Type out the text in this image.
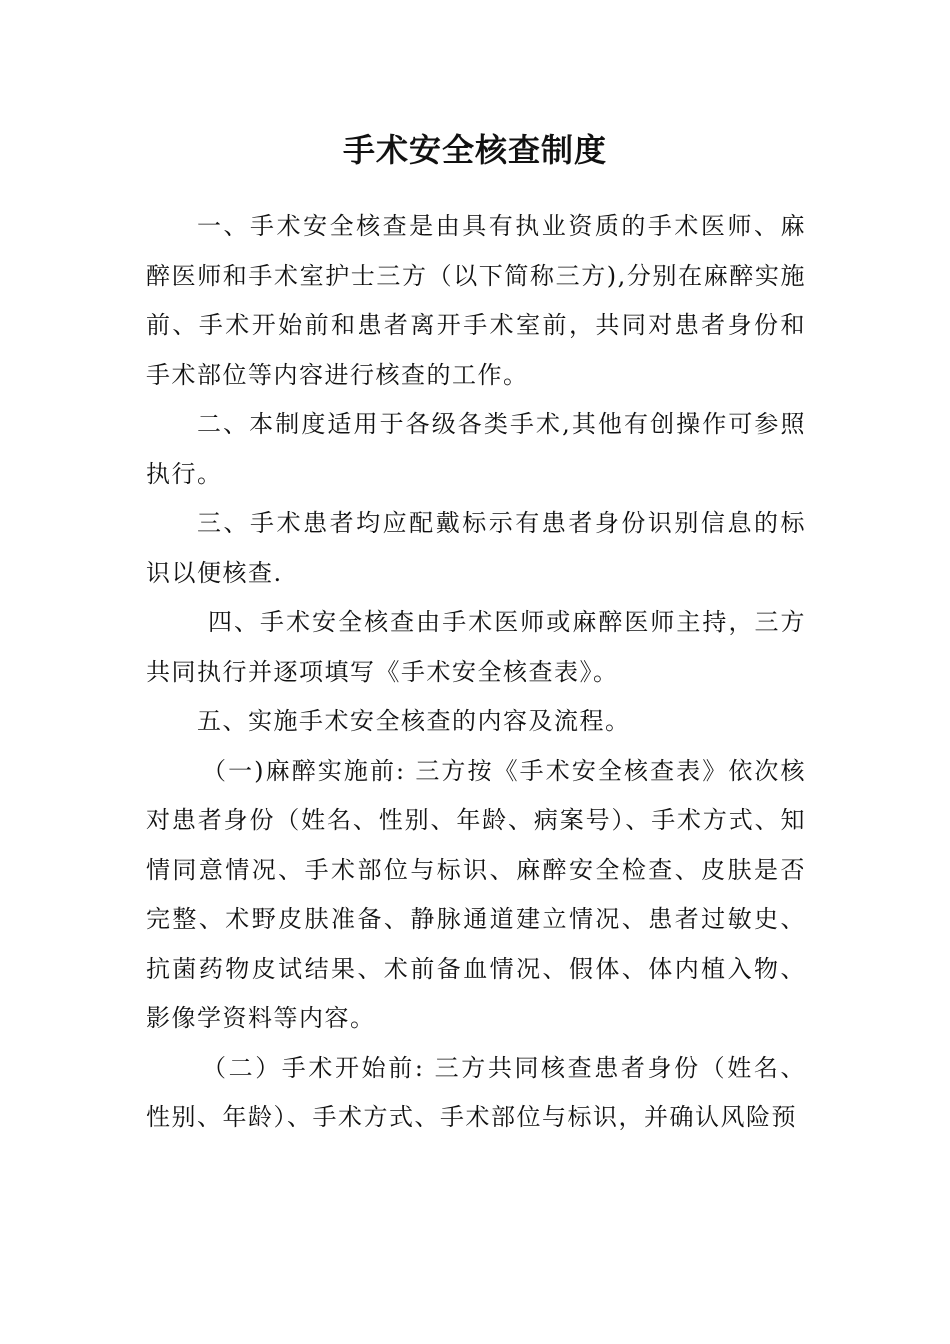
手术安全核查制度

一、手术安全核查是由具有执业资质的手术医师、麻醉医师和手术室护士三方（以下简称三方),分别在麻醉实施前、手术开始前和患者离开手术室前，共同对患者身份和手术部位等内容进行核查的工作。

二、本制度适用于各级各类手术,其他有创操作可参照执行。

三、手术患者均应配戴标示有患者身份识别信息的标识以便核查.

四、手术安全核查由手术医师或麻醉医师主持，三方共同执行并逐项填写《手术安全核查表》。

五、实施手术安全核查的内容及流程。

（一)麻醉实施前: 三方按《手术安全核查表》依次核对患者身份（姓名、性别、年龄、病案号）、手术方式、知情同意情况、手术部位与标识、麻醉安全检查、皮肤是否完整、术野皮肤准备、静脉通道建立情况、患者过敏史、抗菌药物皮试结果、术前备血情况、假体、体内植入物、影像学资料等内容。

（二）手术开始前: 三方共同核查患者身份（姓名、性别、年龄）、手术方式、手术部位与标识，并确认风险预
